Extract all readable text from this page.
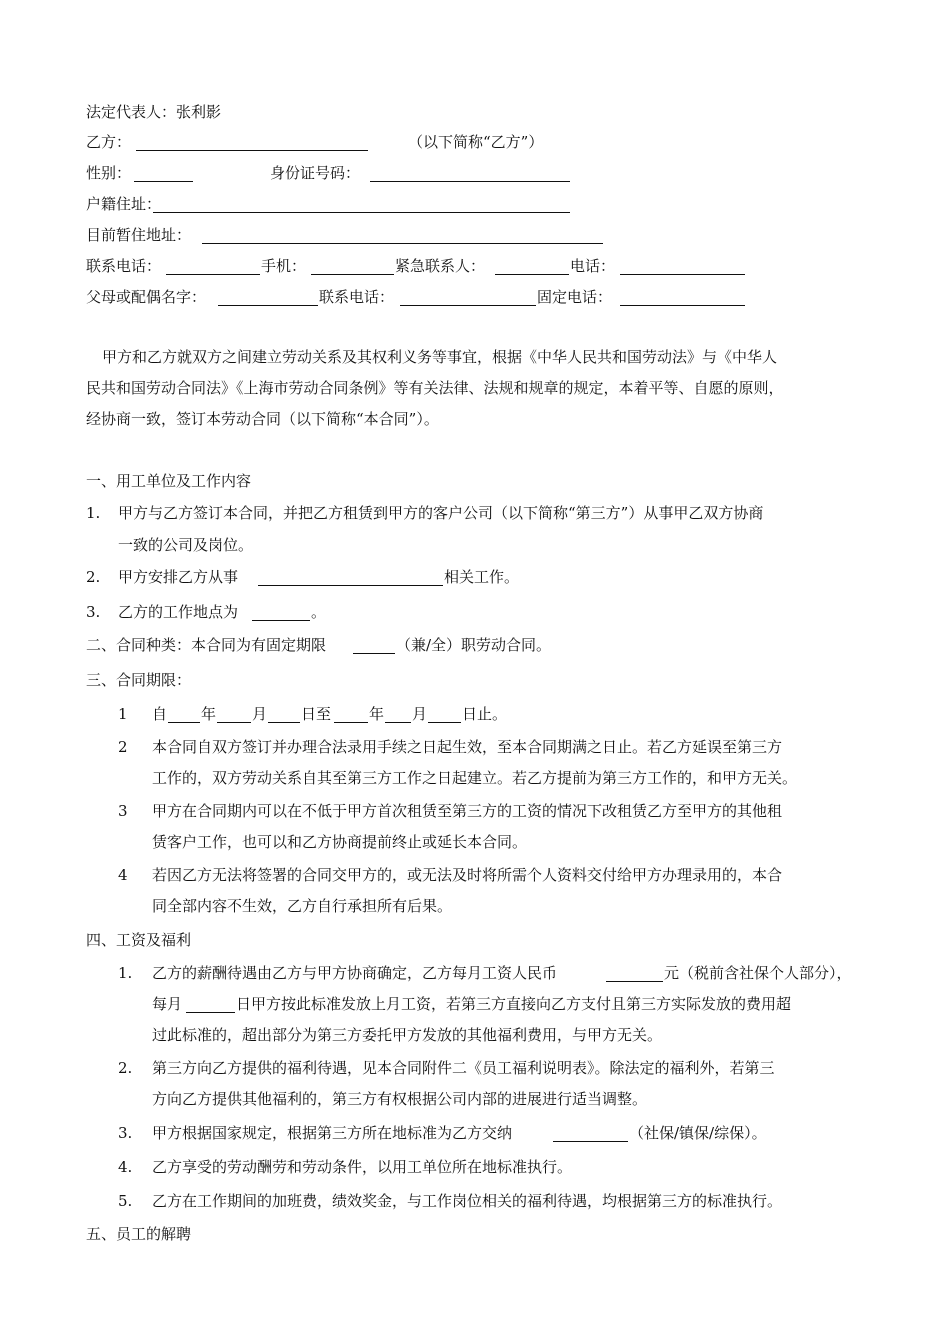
法定代表人：张利影
乙方：	（以下简称“乙方”）
性别：	身份证号码：
户籍住址：
目前暂住地址：
联系电话：	手机：	紧急联系人：	电话：
父母或配偶名字：	联系电话：	固定电话：
甲方和乙方就双方之间建立劳动关系及其权利义务等事宜，根据《中华人民共和国劳动法》与《中华人
民共和国劳动合同法》《上海市劳动合同条例》等有关法律、法规和规章的规定，本着平等、自愿的原则，
经协商一致，签订本劳动合同（以下简称“本合同”）。
一、用工单位及工作内容
1. 甲方与乙方签订本合同，并把乙方租赁到甲方的客户公司（以下简称“第三方”）从事甲乙双方协商
一致的公司及岗位。
2. 甲方安排乙方从事	相关工作。
3. 乙方的工作地点为	。
二、合同种类：本合同为有固定期限	（兼/全）职劳动合同。
三、合同期限：
1 自 年 月 日至	年 月 日止。
2 本合同自双方签订并办理合法录用手续之日起生效，至本合同期满之日止。若乙方延误至第三方
工作的，双方劳动关系自其至第三方工作之日起建立。若乙方提前为第三方工作的，和甲方无关。
3 甲方在合同期内可以在不低于甲方首次租赁至第三方的工资的情况下改租赁乙方至甲方的其他租
赁客户工作，也可以和乙方协商提前终止或延长本合同。
4 若因乙方无法将签署的合同交甲方的，或无法及时将所需个人资料交付给甲方办理录用的，本合
同全部内容不生效，乙方自行承担所有后果。
四、工资及福利
1. 乙方的薪酬待遇由乙方与甲方协商确定，乙方每月工资人民币	元（税前含社保个人部分），
每月	日甲方按此标准发放上月工资，若第三方直接向乙方支付且第三方实际发放的费用超
过此标准的，超出部分为第三方委托甲方发放的其他福利费用，与甲方无关。
2. 第三方向乙方提供的福利待遇，见本合同附件二《员工福利说明表》。除法定的福利外，若第三
方向乙方提供其他福利的，第三方有权根据公司内部的进展进行适当调整。
3. 甲方根据国家规定，根据第三方所在地标准为乙方交纳	（社保/镇保/综保）。
4. 乙方享受的劳动酬劳和劳动条件，以用工单位所在地标准执行。
5. 乙方在工作期间的加班费，绩效奖金，与工作岗位相关的福利待遇，均根据第三方的标准执行。
五、员工的解聘
